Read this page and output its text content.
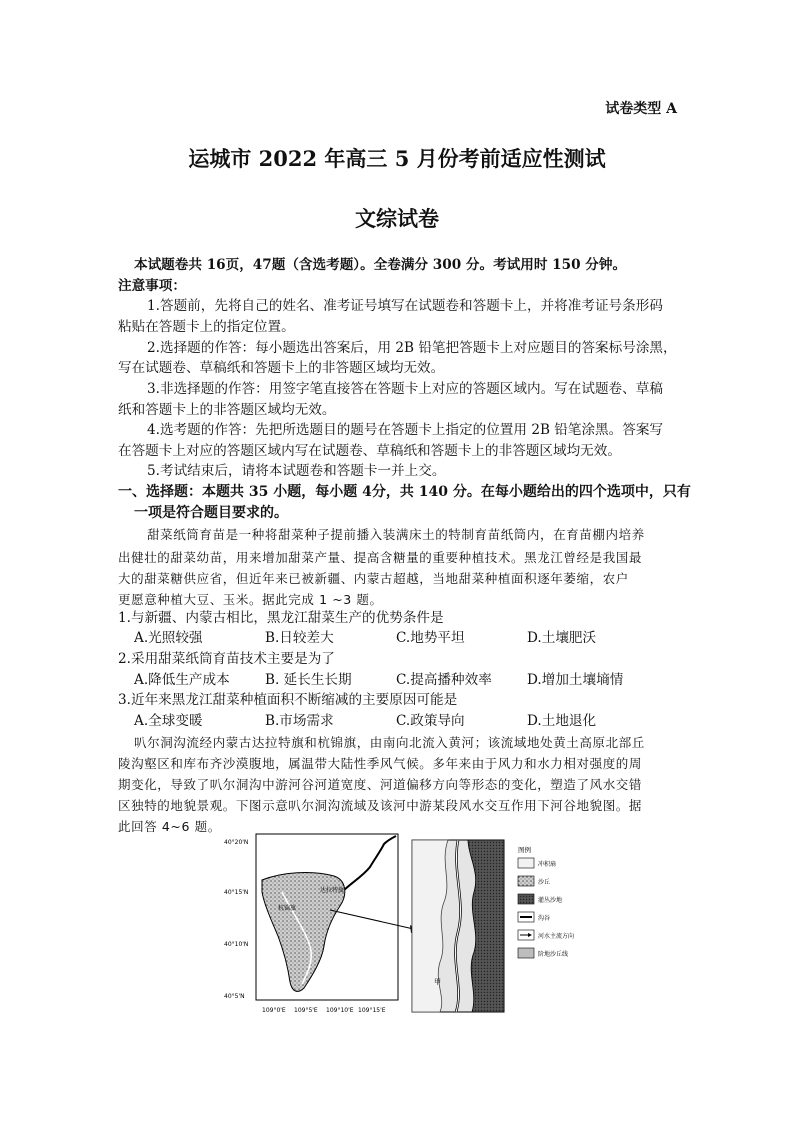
试卷类型 A
运城市 2022 年高三 5 月份考前适应性测试
文综试卷
本试题卷共 16页，47题（含选考题）。全卷满分 300 分。考试用时 150 分钟。
注意事项：
1.答题前，先将自己的姓名、准考证号填写在试题卷和答题卡上，并将准考证号条形码
粘贴在答题卡上的指定位置。
2.选择题的作答：每小题选出答案后，用 2B 铅笔把答题卡上对应题目的答案标号涂黑，
写在试题卷、草稿纸和答题卡上的非答题区域均无效。
3.非选择题的作答：用签字笔直接答在答题卡上对应的答题区域内。写在试题卷、草稿
纸和答题卡上的非答题区域均无效。
4.选考题的作答：先把所选题目的题号在答题卡上指定的位置用 2B 铅笔涂黑。答案写
在答题卡上对应的答题区域内写在试题卷、草稿纸和答题卡上的非答题区域均无效。
5.考试结束后，请将本试题卷和答题卡一并上交。
一、选择题：本题共 35 小题，每小题 4分，共 140 分。在每小题给出的四个选项中，只有
一项是符合题目要求的。
甜菜纸筒育苗是一种将甜菜种子提前播入装满床土的特制育苗纸筒内，在育苗棚内培养
出健壮的甜菜幼苗，用来增加甜菜产量、提高含糖量的重要种植技术。黑龙江曾经是我国最
大的甜菜糖供应省，但近年来已被新疆、内蒙古超越，当地甜菜种植面积逐年萎缩，农户
更愿意种植大豆、玉米。据此完成 1 ~3 题。
1.与新疆、内蒙古相比，黑龙江甜菜生产的优势条件是
A.光照较强	B.日较差大	C.地势平坦	D.土壤肥沃
2.采用甜菜纸筒育苗技术主要是为了
A.降低生产成本	B. 延长生长期	C.提高播种效率	D.增加土壤墒情
3.近年来黑龙江甜菜种植面积不断缩减的主要原因可能是
A.全球变暖	B.市场需求	C.政策导向	D.土地退化
叭尔洞沟流经内蒙古达拉特旗和杭锦旗，由南向北流入黄河；该流域地处黄土高原北部丘
陵沟壑区和库布齐沙漠腹地，属温带大陆性季风气候。多年来由于风力和水力相对强度的周
期变化，导致了叭尔洞沟中游河谷河道宽度、河道偏移方向等形态的变化，塑造了风水交错
区独特的地貌景观。下图示意叭尔洞沟流域及该河中游某段风水交互作用下河谷地貌图。据
此回答 4~6 题。
40°20'N
40°15'N
40°10'N
40°5'N
109°0'E 109°5'E 109°10'E 109°15'E
达拉特旗
杭锦旗
甲
图例
冲积扇
沙丘
灌丛沙地
沟谷
河水主流方向
阶地沙丘线
